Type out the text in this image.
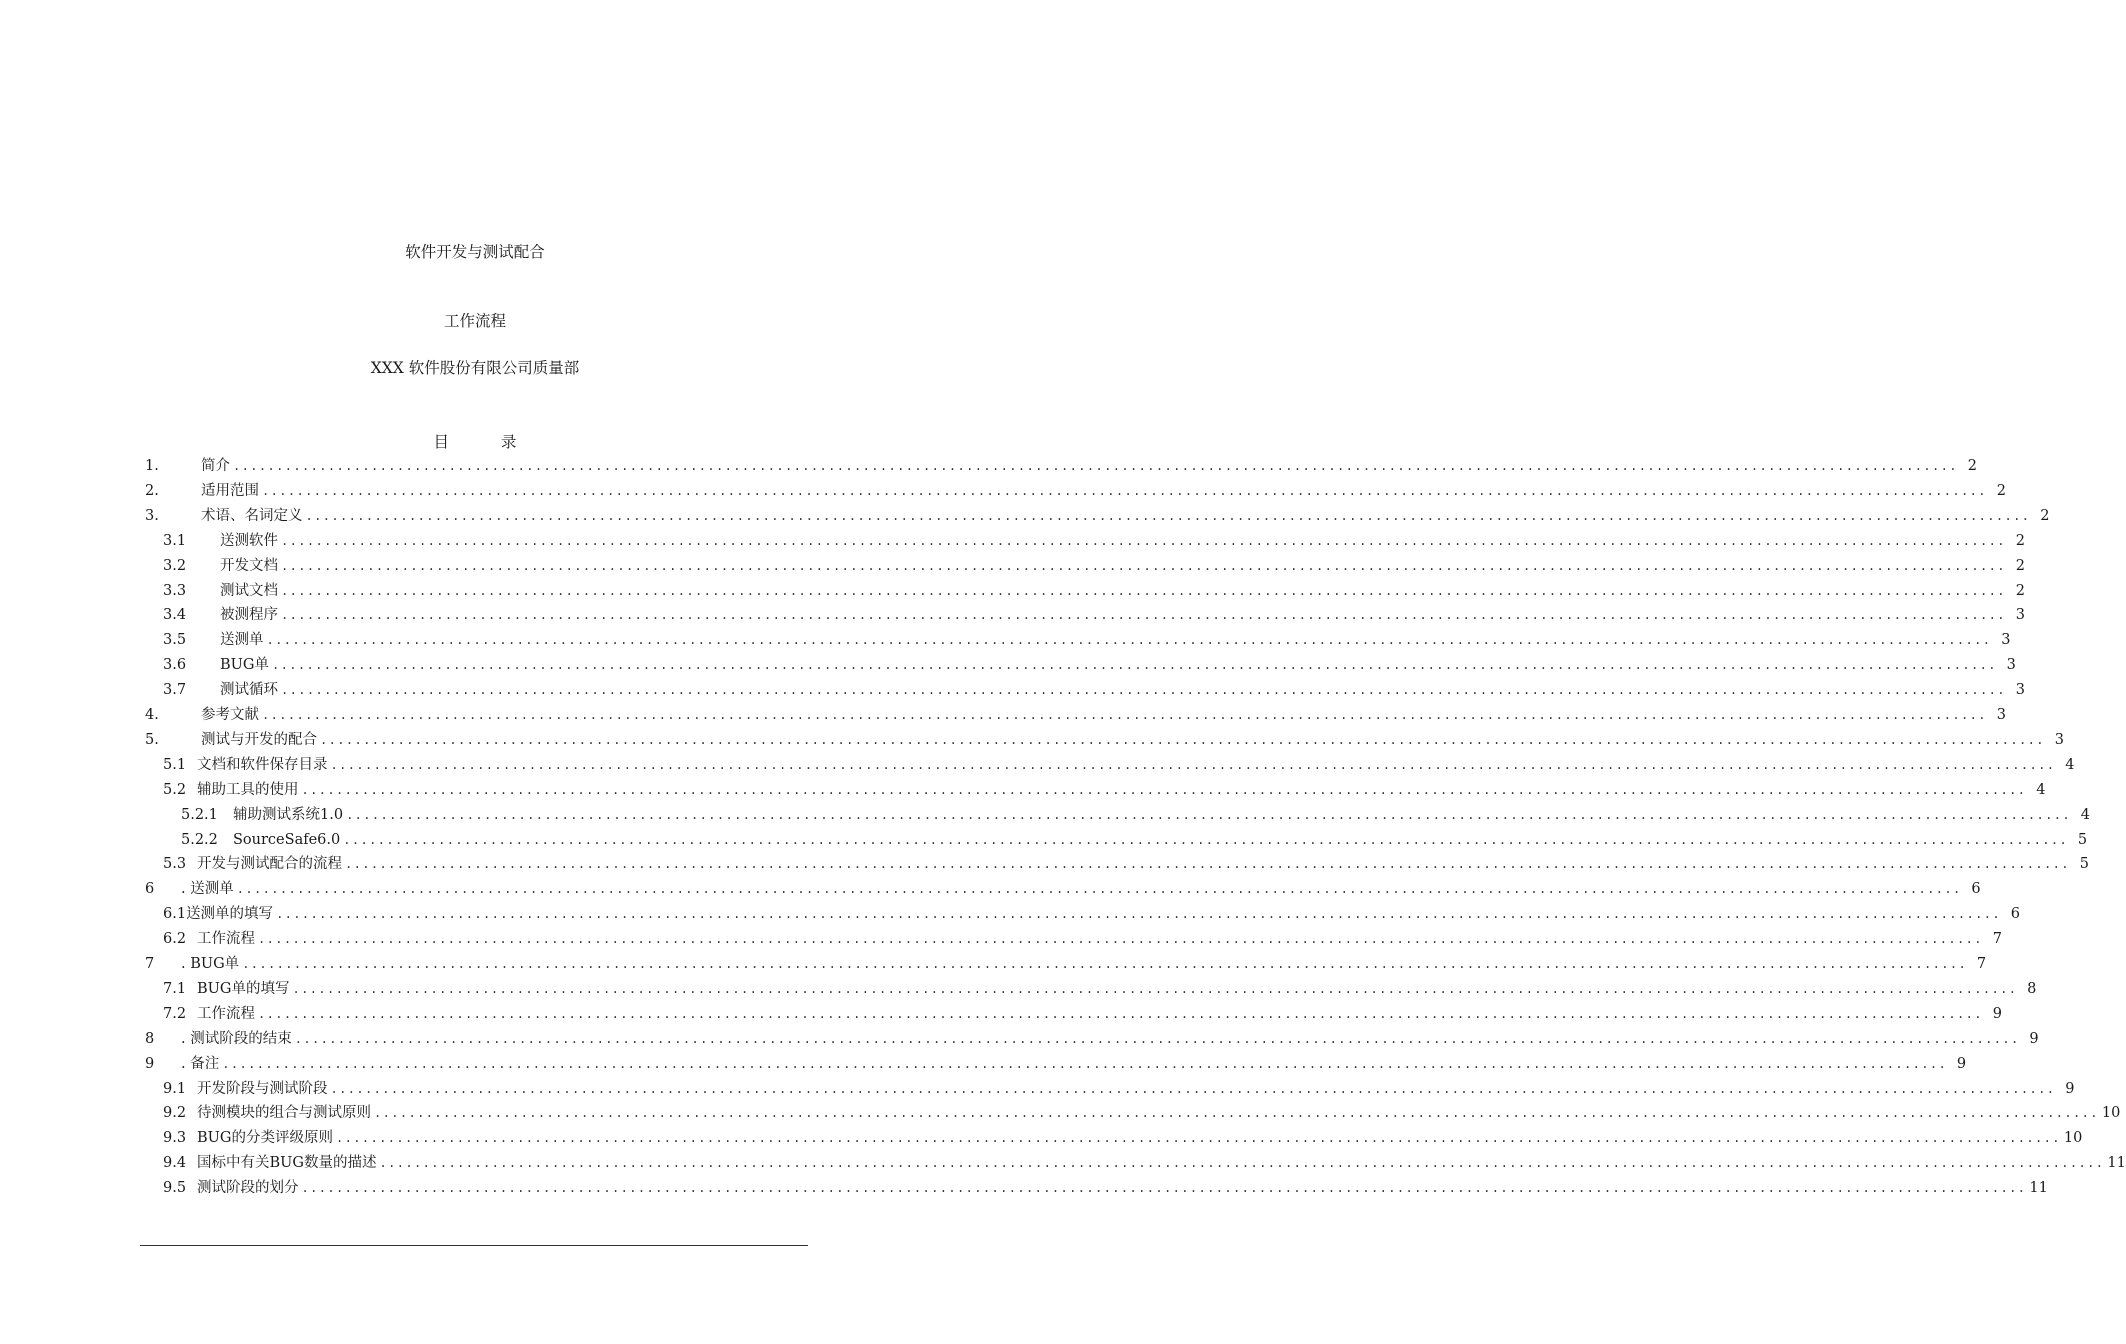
软件开发与测试配合
工作流程
XXX 软件股份有限公司质量部
目	录
1.	简介 ........................................................................................................................................................................................................ 2
2.	适用范围 ........................................................................................................................................................................................................ 2
3.	术语、名词定义 ........................................................................................................................................................................................................ 2
3.1	送测软件 ........................................................................................................................................................................................................ 2
3.2	开发文档 ........................................................................................................................................................................................................ 2
3.3	测试文档 ........................................................................................................................................................................................................ 2
3.4	被测程序 ........................................................................................................................................................................................................ 3
3.5	送测单 ........................................................................................................................................................................................................ 3
3.6	BUG单 ........................................................................................................................................................................................................ 3
3.7	测试循环 ........................................................................................................................................................................................................ 3
4.	参考文献 ........................................................................................................................................................................................................ 3
5.	测试与开发的配合 ........................................................................................................................................................................................................ 3
5.1 文档和软件保存目录 ........................................................................................................................................................................................................ 4
5.2 辅助工具的使用 ........................................................................................................................................................................................................ 4
5.2.1	辅助测试系统1.0 ........................................................................................................................................................................................................ 4
5.2.2	SourceSafe6.0 ........................................................................................................................................................................................................ 5
5.3 开发与测试配合的流程 ........................................................................................................................................................................................................ 5
6	. 送测单 ........................................................................................................................................................................................................ 6
6.1 送测单的填写 ........................................................................................................................................................................................................ 6
6.2 工作流程 ........................................................................................................................................................................................................ 7
7	. BUG单 ........................................................................................................................................................................................................ 7
7.1 BUG单的填写 ........................................................................................................................................................................................................ 8
7.2 工作流程 ........................................................................................................................................................................................................ 9
8	. 测试阶段的结束 ........................................................................................................................................................................................................ 9
9	. 备注 ........................................................................................................................................................................................................ 9
9.1 开发阶段与测试阶段 ........................................................................................................................................................................................................ 9
9.2 待测模块的组合与测试原则 ........................................................................................................................................................................................................ 10
9.3 BUG的分类评级原则 ........................................................................................................................................................................................................ 10
9.4 国标中有关BUG数量的描述 ........................................................................................................................................................................................................ 11
9.5 测试阶段的划分 ........................................................................................................................................................................................................ 11
